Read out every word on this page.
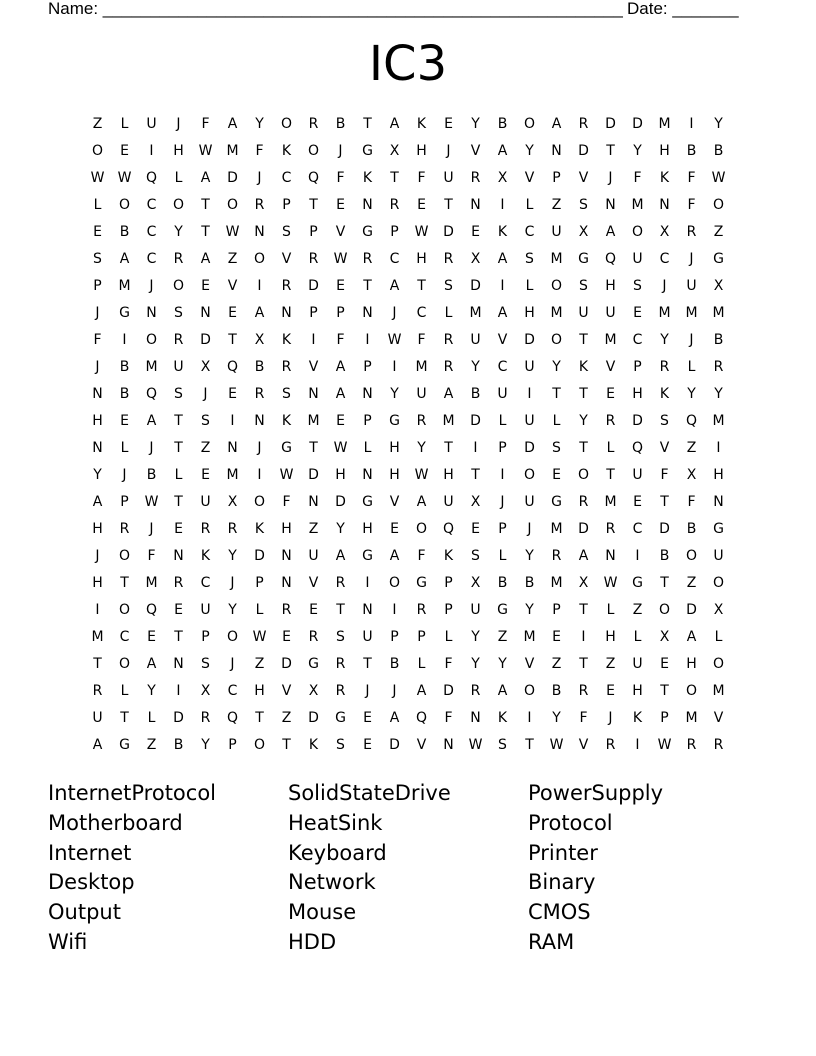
Name: _______________________________________________________ Date: _______
IC3
Z	L	U	J	F	A	Y	O	R	B	T	A	K	E	Y	B	O	A	R	D	D	M	I	Y
O	E	I	H	W	M	F	K	O	J	G	X	H	J	V	A	Y	N	D	T	Y	H	B	B
W W	Q	L	A	D	J	C	Q	F	K	T	F	U	R	X	V	P	V	J	F	K	F	W
L	O	C	O	T	O	R	P	T	E	N	R	E	T	N	I	L	Z	S	N	M	N	F	O
E	B	C	Y	T	W	N	S	P	V	G	P	W	D	E	K	C	U	X	A	O	X	R	Z
S	A	C	R	A	Z	O	V	R	W	R	C	H	R	X	A	S	M	G	Q	U	C	J	G
P	M	J	O	E	V	I	R	D	E	T	A	T	S	D	I	L	O	S	H	S	J	U	X
J	G	N	S	N	E	A	N	P	P	N	J	C	L	M	A	H	M	U	U	E	M	M	M
F	I	O	R	D	T	X	K	I	F	I	W	F	R	U	V	D	O	T	M	C	Y	J	B
J	B	M	U	X	Q	B	R	V	A	P	I	M	R	Y	C	U	Y	K	V	P	R	L	R
N	B	Q	S	J	E	R	S	N	A	N	Y	U	A	B	U	I	T	T	E	H	K	Y	Y
H	E	A	T	S	I	N	K	M	E	P	G	R	M	D	L	U	L	Y	R	D	S	Q	M
N	L	J	T	Z	N	J	G	T	W	L	H	Y	T	I	P	D	S	T	L	Q	V	Z	I
Y	J	B	L	E	M	I	W	D	H	N	H	W	H	T	I	O	E	O	T	U	F	X	H
A	P	W	T	U	X	O	F	N	D	G	V	A	U	X	J	U	G	R	M	E	T	F	N
H	R	J	E	R	R	K	H	Z	Y	H	E	O	Q	E	P	J	M	D	R	C	D	B	G
J	O	F	N	K	Y	D	N	U	A	G	A	F	K	S	L	Y	R	A	N	I	B	O	U
H	T	M	R	C	J	P	N	V	R	I	O	G	P	X	B	B	M	X	W	G	T	Z	O
I	O	Q	E	U	Y	L	R	E	T	N	I	R	P	U	G	Y	P	T	L	Z	O	D	X
M	C	E	T	P	O	W	E	R	S	U	P	P	L	Y	Z	M	E	I	H	L	X	A	L
T	O	A	N	S	J	Z	D	G	R	T	B	L	F	Y	Y	V	Z	T	Z	U	E	H	O
R	L	Y	I	X	C	H	V	X	R	J	J	A	D	R	A	O	B	R	E	H	T	O	M
U	T	L	D	R	Q	T	Z	D	G	E	A	Q	F	N	K	I	Y	F	J	K	P	M	V
A	G	Z	B	Y	P	O	T	K	S	E	D	V	N	W	S	T	W	V	R	I	W	R	R
InternetProtocol
Motherboard
Internet
Desktop
Output
Wifi
SolidStateDrive
HeatSink
Keyboard
Network
Mouse
HDD
PowerSupply
Protocol
Printer
Binary
CMOS
RAM
